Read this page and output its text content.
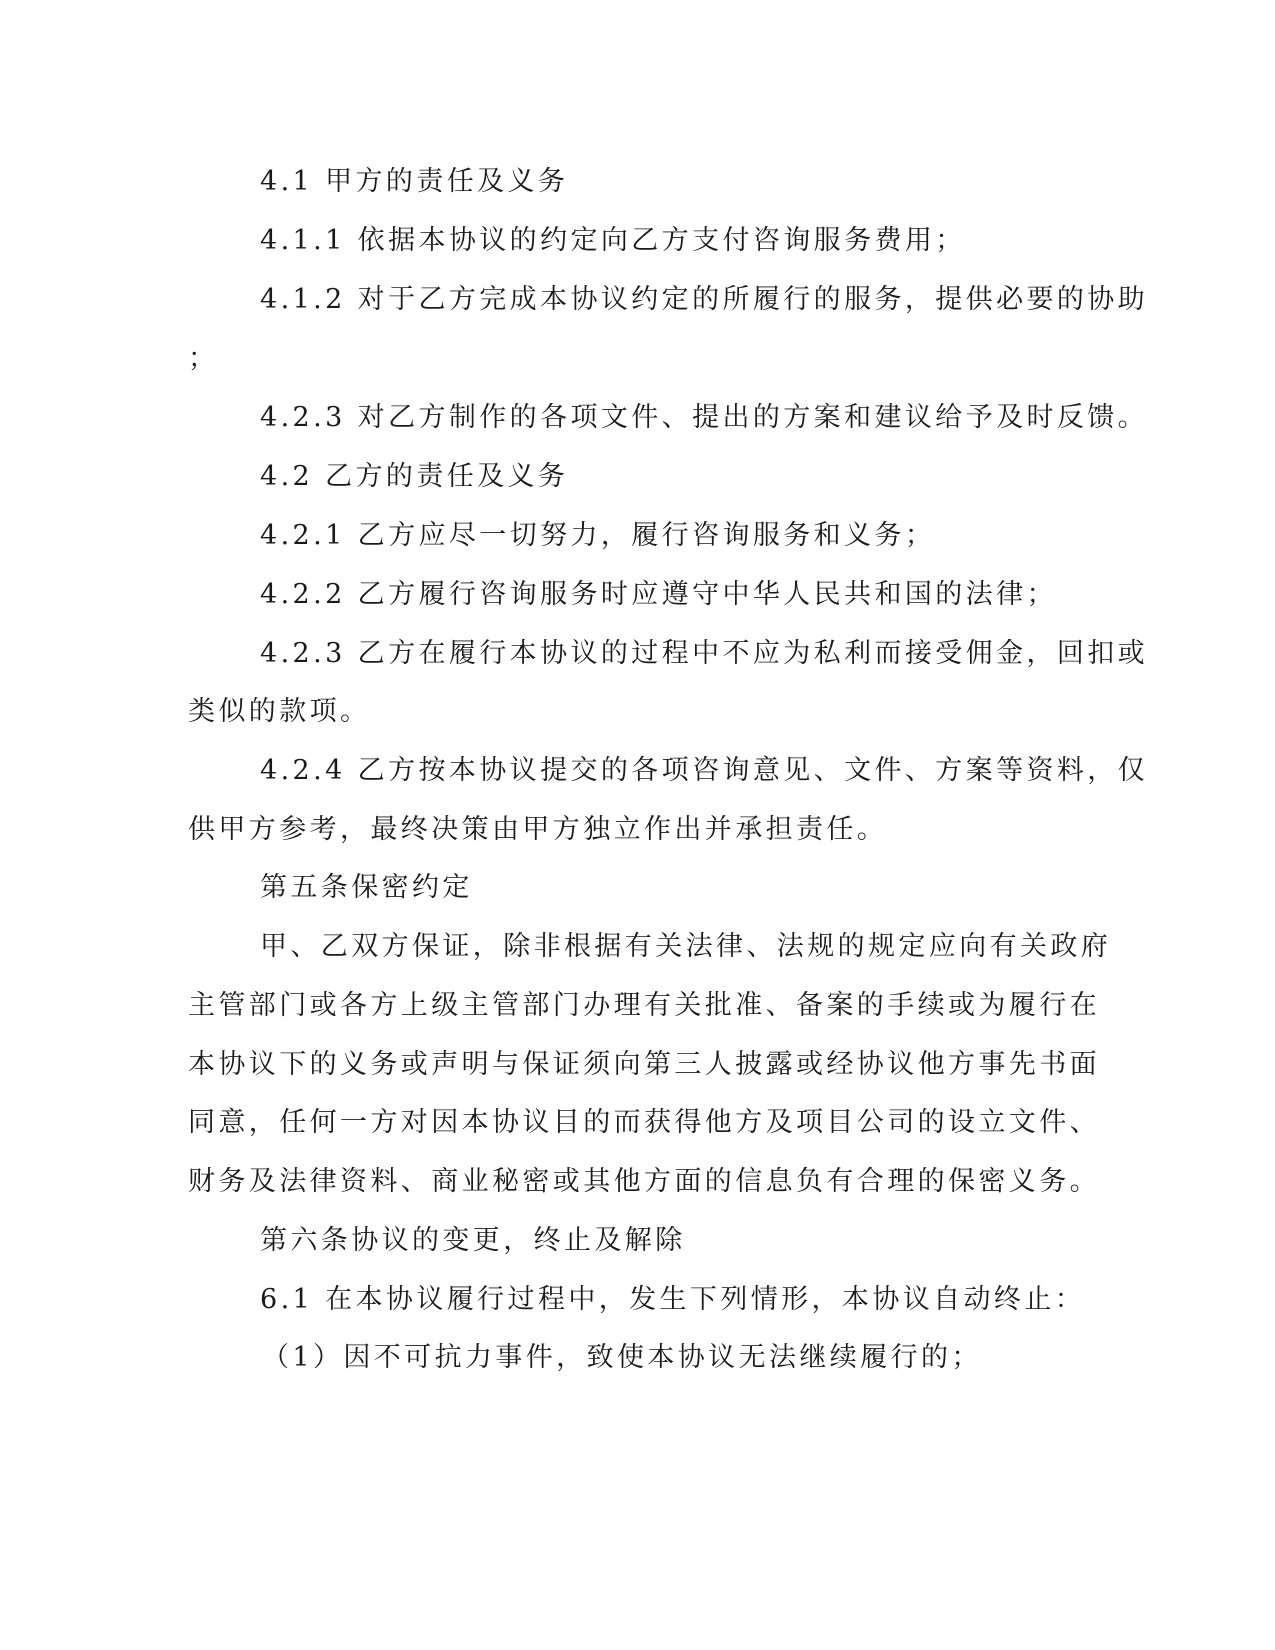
4.1 甲方的责任及义务
4.1.1 依据本协议的约定向乙方支付咨询服务费用；
4.1.2 对于乙方完成本协议约定的所履行的服务，提供必要的协助
；
4.2.3 对乙方制作的各项文件、提出的方案和建议给予及时反馈。
4.2 乙方的责任及义务
4.2.1 乙方应尽一切努力，履行咨询服务和义务；
4.2.2 乙方履行咨询服务时应遵守中华人民共和国的法律；
4.2.3 乙方在履行本协议的过程中不应为私利而接受佣金，回扣或
类似的款项。
4.2.4 乙方按本协议提交的各项咨询意见、文件、方案等资料，仅
供甲方参考，最终决策由甲方独立作出并承担责任。
第五条保密约定
甲、乙双方保证，除非根据有关法律、法规的规定应向有关政府
主管部门或各方上级主管部门办理有关批准、备案的手续或为履行在
本协议下的义务或声明与保证须向第三人披露或经协议他方事先书面
同意，任何一方对因本协议目的而获得他方及项目公司的设立文件、
财务及法律资料、商业秘密或其他方面的信息负有合理的保密义务。
第六条协议的变更，终止及解除
6.1 在本协议履行过程中，发生下列情形，本协议自动终止：
（1）因不可抗力事件，致使本协议无法继续履行的；
